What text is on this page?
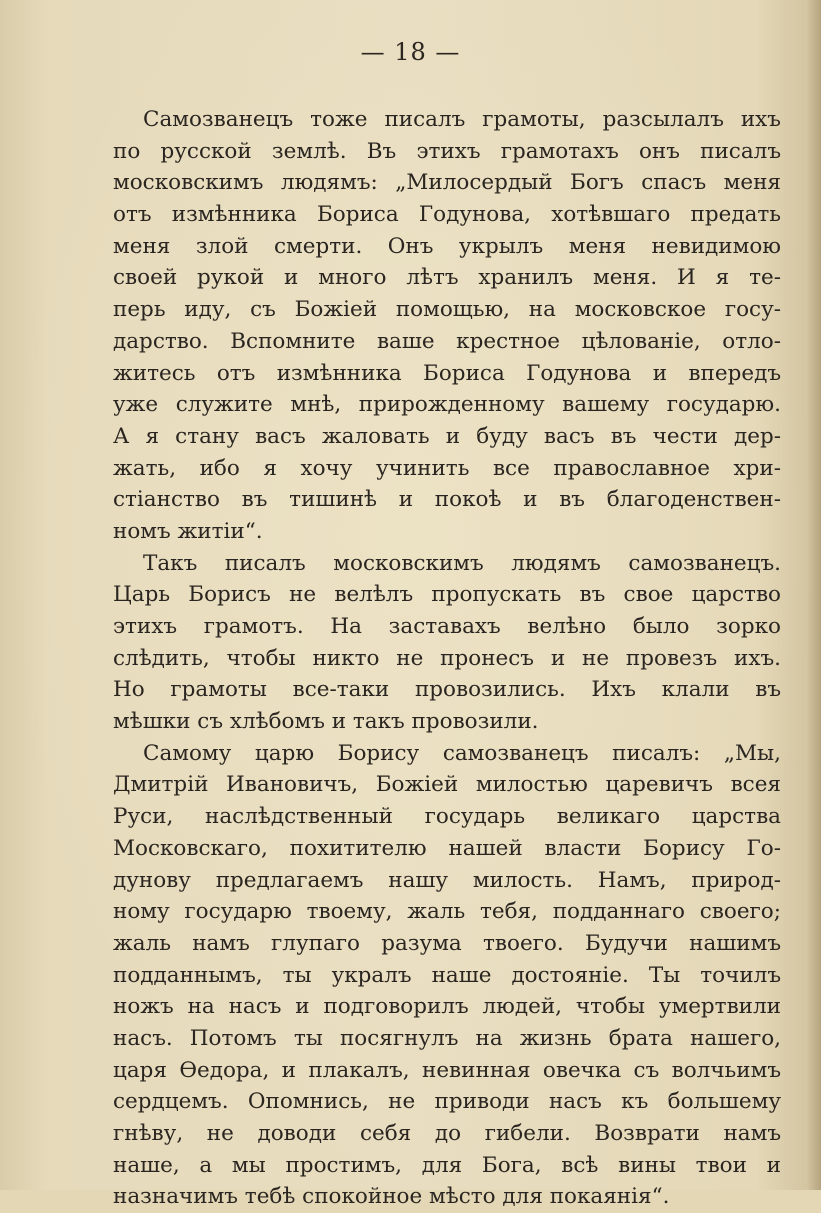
— 18 —
Самозванецъ тоже писалъ грамоты, разсылалъ ихъ
по русской землѣ. Въ этихъ грамотахъ онъ писалъ
московскимъ людямъ: „Милосердый Богъ спасъ меня
отъ измѣнника Бориса Годунова, хотѣвшаго предать
меня злой смерти. Онъ укрылъ меня невидимою
своей рукой и много лѣтъ хранилъ меня. И я те-
перь иду, съ Божіей помощью, на московское госу-
дарство. Вспомните ваше крестное цѣлованіе, отло-
житесь отъ измѣнника Бориса Годунова и впередъ
уже служите мнѣ, прирожденному вашему государю.
А я стану васъ жаловать и буду васъ въ чести дер-
жать, ибо я хочу учинить все православное хри-
стіанство въ тишинѣ и покоѣ и въ благоденствен-
номъ житіи“.
Такъ писалъ московскимъ людямъ самозванецъ.
Царь Борисъ не велѣлъ пропускать въ свое царство
этихъ грамотъ. На заставахъ велѣно было зорко
слѣдить, чтобы никто не пронесъ и не провезъ ихъ.
Но грамоты все-таки провозились. Ихъ клали въ
мѣшки съ хлѣбомъ и такъ провозили.
Самому царю Борису самозванецъ писалъ: „Мы,
Дмитрій Ивановичъ, Божіей милостью царевичъ всея
Руси, наслѣдственный государь великаго царства
Московскаго, похитителю нашей власти Борису Го-
дунову предлагаемъ нашу милость. Намъ, природ-
ному государю твоему, жаль тебя, подданнаго своего;
жаль намъ глупаго разума твоего. Будучи нашимъ
подданнымъ, ты укралъ наше достояніе. Ты точилъ
ножъ на насъ и подговорилъ людей, чтобы умертвили
насъ. Потомъ ты посягнулъ на жизнь брата нашего,
царя Өедора, и плакалъ, невинная овечка съ волчьимъ
сердцемъ. Опомнись, не приводи насъ къ большему
гнѣву, не доводи себя до гибели. Возврати намъ
наше, а мы простимъ, для Бога, всѣ вины твои и
назначимъ тебѣ спокойное мѣсто для покаянія“.
